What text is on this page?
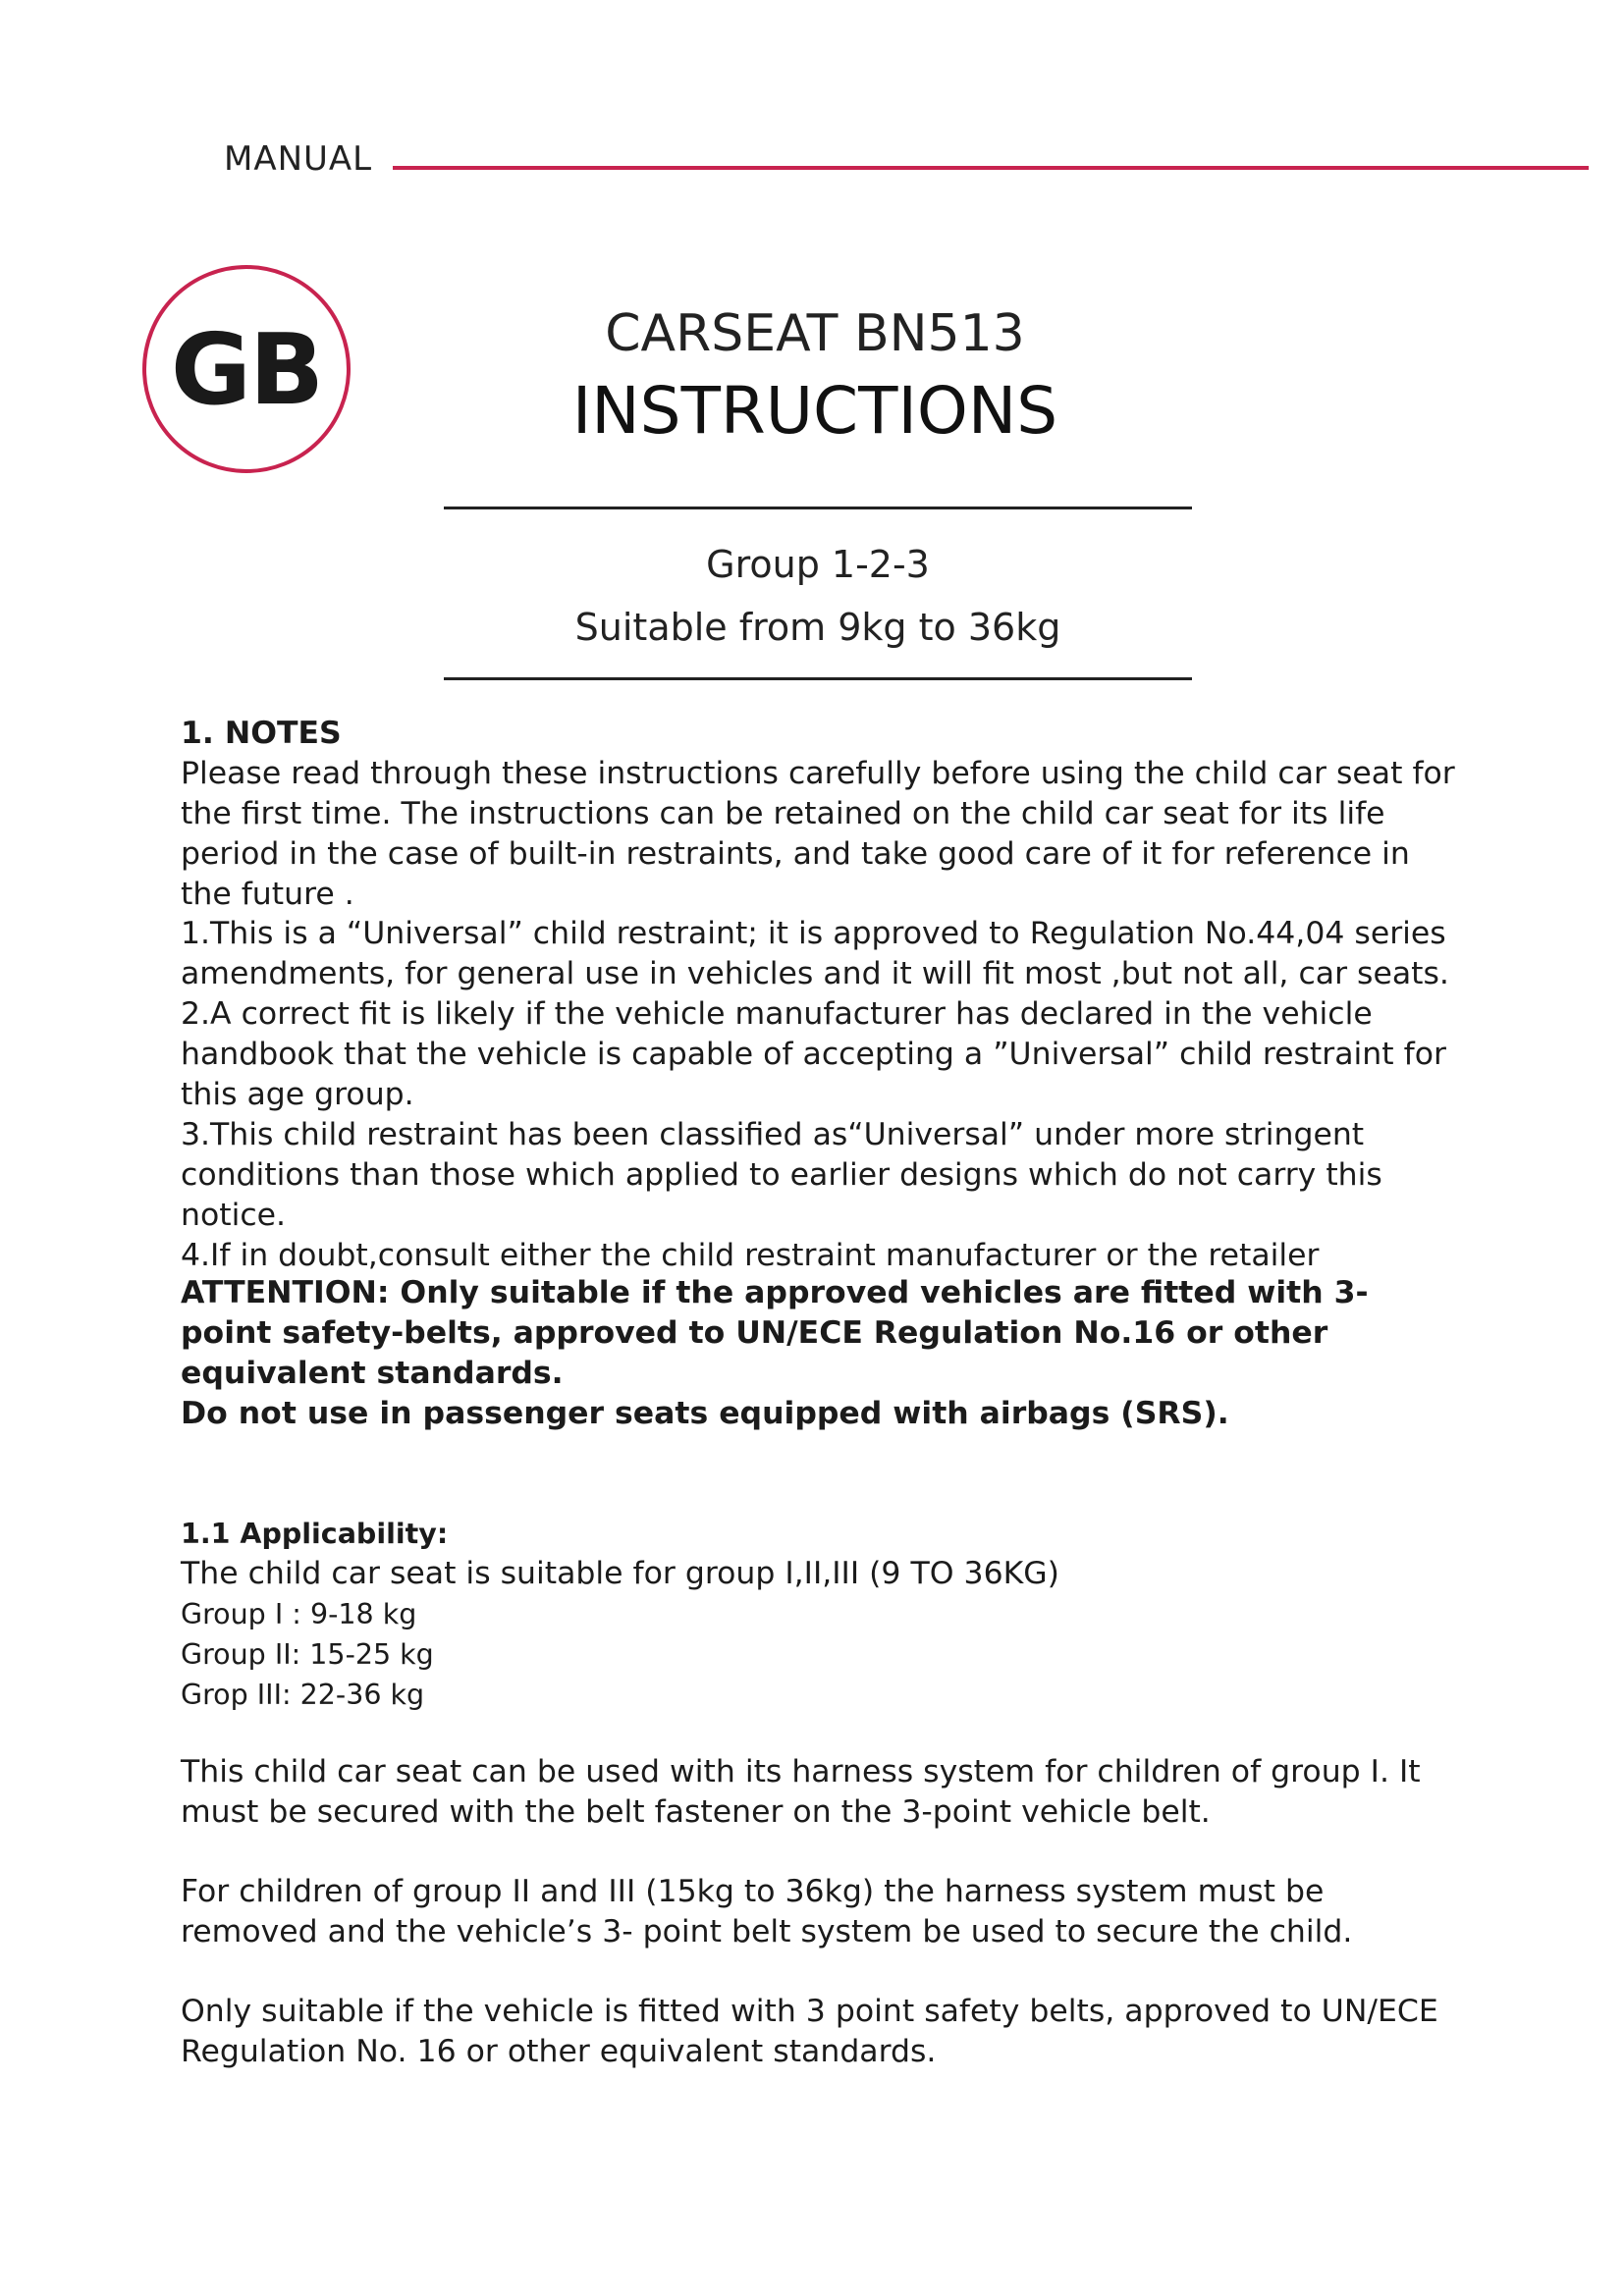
MANUAL
GB	CARSEAT BN513
INSTRUCTIONS
Group 1-2-3
Suitable from 9kg to 36kg

1. NOTES

Please read through these instructions carefully before using the child car seat for the first time. The instructions can be retained on the child car seat for its life period in the case of built-in restraints, and take good care of it for reference in the future .

1.This is a “Universal” child restraint; it is approved to Regulation No.44,04 series amendments, for general use in vehicles and it will fit most ,but not all, car seats.

2.A correct fit is likely if the vehicle manufacturer has declared in the vehicle handbook that the vehicle is capable of accepting a ”Universal” child restraint for this age group.

3.This child restraint has been classified as“Universal” under more stringent conditions than those which applied to earlier designs which do not carry this notice.

4.If in doubt,consult either the child restraint manufacturer or the retailer

ATTENTION: Only suitable if the approved vehicles are fitted with 3-point safety-belts, approved to UN/ECE Regulation No.16 or other equivalent standards.
Do not use in passenger seats equipped with airbags (SRS).

1.1 Applicability:

The child car seat is suitable for group I,II,III (9 TO 36KG)

Group I : 9-18 kg

Group II: 15-25 kg

Grop III: 22-36 kg

This child car seat can be used with its harness system for children of group I. It must be secured with the belt fastener on the 3-point vehicle belt.
For children of group II and III (15kg to 36kg) the harness system must be removed and the vehicle’s 3- point belt system be used to secure the child.
Only suitable if the vehicle is fitted with 3 point safety belts, approved to UN/ECE Regulation No. 16 or other equivalent standards.
